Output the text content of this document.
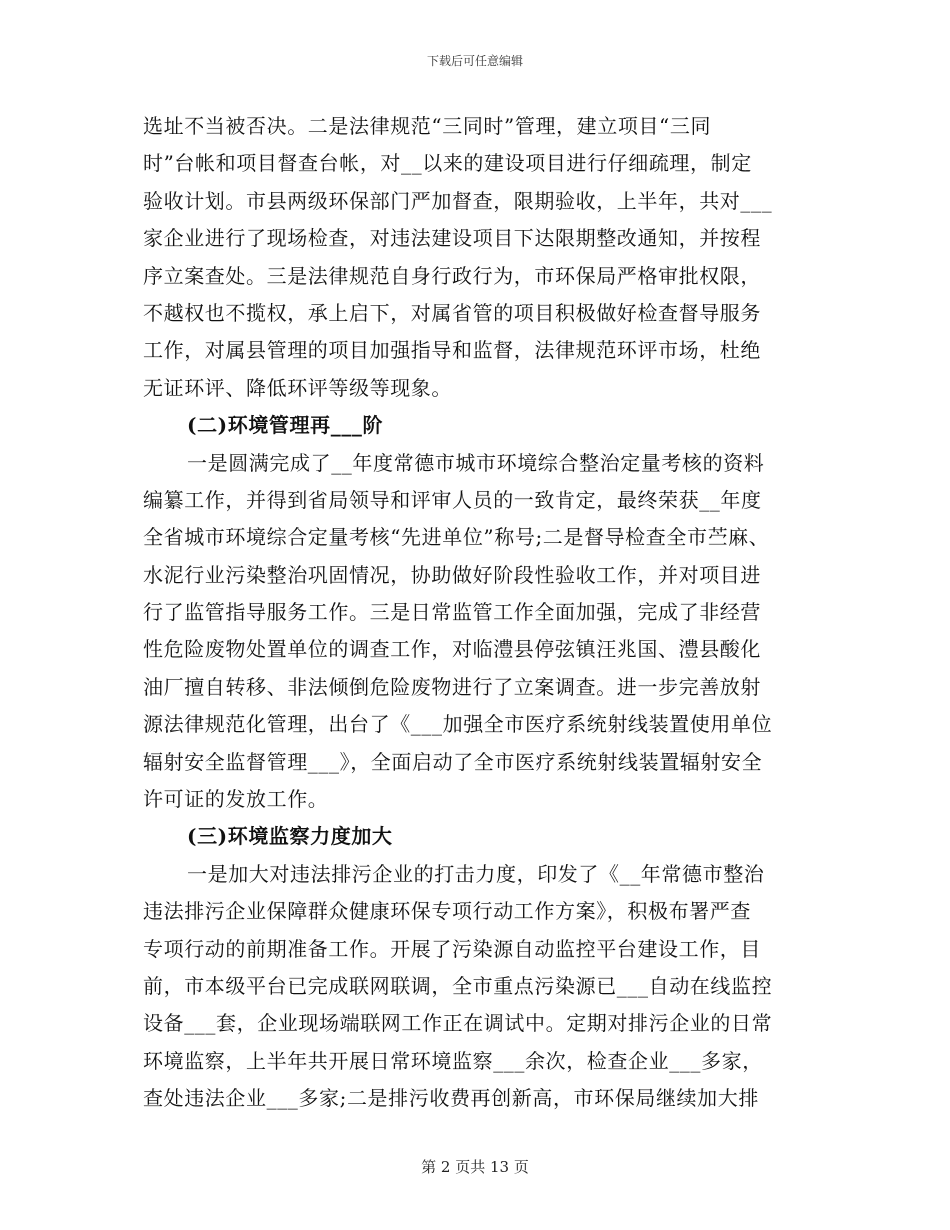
下载后可任意编辑
选址不当被否决。二是法律规范“三同时”管理，建立项目“三同
时”台帐和项目督查台帐，对__以来的建设项目进行仔细疏理，制定
验收计划。市县两级环保部门严加督查，限期验收，上半年，共对___
家企业进行了现场检查，对违法建设项目下达限期整改通知，并按程
序立案查处。三是法律规范自身行政行为，市环保局严格审批权限，
不越权也不揽权，承上启下，对属省管的项目积极做好检查督导服务
工作，对属县管理的项目加强指导和监督，法律规范环评市场，杜绝
无证环评、降低环评等级等现象。
(二)环境管理再___阶
一是圆满完成了__年度常德市城市环境综合整治定量考核的资料
编纂工作，并得到省局领导和评审人员的一致肯定，最终荣获__年度
全省城市环境综合定量考核“先进单位”称号;二是督导检查全市苎麻、
水泥行业污染整治巩固情况，协助做好阶段性验收工作，并对项目进
行了监管指导服务工作。三是日常监管工作全面加强，完成了非经营
性危险废物处置单位的调查工作，对临澧县停弦镇汪兆国、澧县酸化
油厂擅自转移、非法倾倒危险废物进行了立案调查。进一步完善放射
源法律规范化管理，出台了《___加强全市医疗系统射线装置使用单位
辐射安全监督管理___》，全面启动了全市医疗系统射线装置辐射安全
许可证的发放工作。
(三)环境监察力度加大
一是加大对违法排污企业的打击力度，印发了《__年常德市整治
违法排污企业保障群众健康环保专项行动工作方案》，积极布署严查
专项行动的前期准备工作。开展了污染源自动监控平台建设工作，目
前，市本级平台已完成联网联调，全市重点污染源已___自动在线监控
设备___套，企业现场端联网工作正在调试中。定期对排污企业的日常
环境监察，上半年共开展日常环境监察___余次，检查企业___多家，
查处违法企业___多家;二是排污收费再创新高，市环保局继续加大排
第 2 页共 13 页
